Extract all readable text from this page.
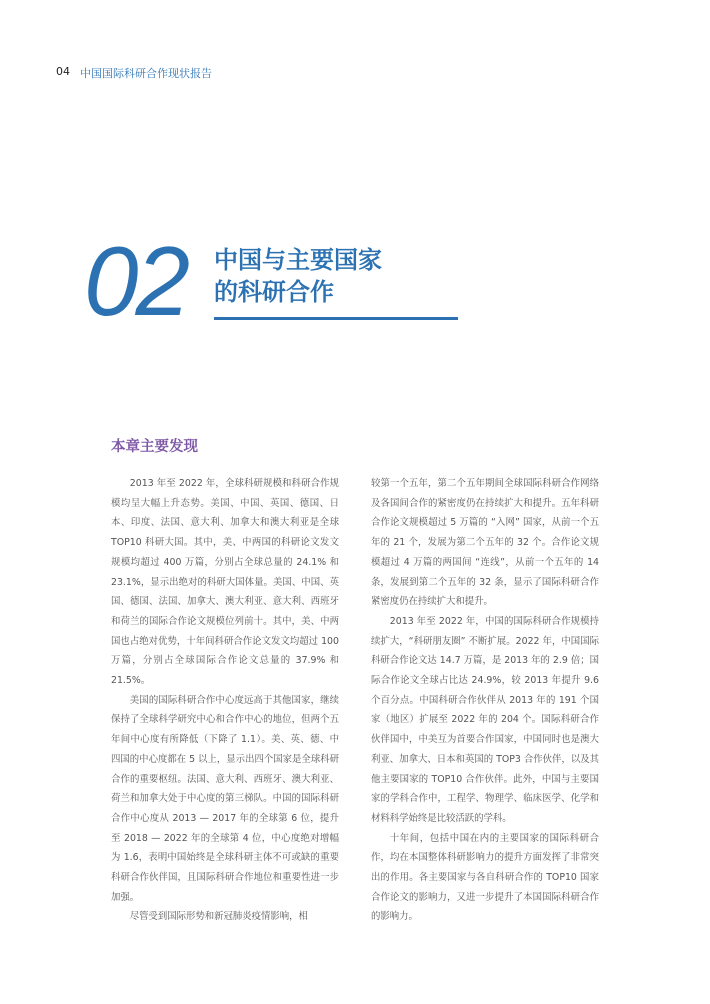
04 中国国际科研合作现状报告
02 中国与主要国家
的科研合作
本章主要发现

2013 年至 2022 年，全球科研规模和科研合作规模均呈大幅上升态势。美国、中国、英国、德国、日本、印度、法国、意大利、加拿大和澳大利亚是全球 TOP10 科研大国。其中，美、中两国的科研论文发文规模均超过 400 万篇，分别占全球总量的 24.1% 和 23.1%，显示出绝对的科研大国体量。美国、中国、英国、德国、法国、加拿大、澳大利亚、意大利、西班牙和荷兰的国际合作论文规模位列前十。其中，美、中两国也占绝对优势，十年间科研合作论文发文均超过 100 万篇，分别占全球国际合作论文总量的 37.9% 和 21.5%。

美国的国际科研合作中心度远高于其他国家，继续保持了全球科学研究中心和合作中心的地位，但两个五年间中心度有所降低（下降了 1.1）。美、英、德、中四国的中心度都在 5 以上，显示出四个国家是全球科研合作的重要枢纽。法国、意大利、西班牙、澳大利亚、荷兰和加拿大处于中心度的第三梯队。中国的国际科研合作中心度从 2013 — 2017 年的全球第 6 位，提升至 2018 — 2022 年的全球第 4 位，中心度绝对增幅为 1.6，表明中国始终是全球科研主体不可或缺的重要科研合作伙伴国，且国际科研合作地位和重要性进一步加强。

尽管受到国际形势和新冠肺炎疫情影响，相

较第一个五年，第二个五年期间全球国际科研合作网络及各国间合作的紧密度仍在持续扩大和提升。五年科研合作论文规模超过 5 万篇的 “入网” 国家，从前一个五年的 21 个，发展为第二个五年的 32 个。合作论文规模超过 4 万篇的两国间 “连线”，从前一个五年的 14 条，发展到第二个五年的 32 条，显示了国际科研合作紧密度仍在持续扩大和提升。

2013 年至 2022 年，中国的国际科研合作规模持续扩大，“科研朋友圈” 不断扩展。2022 年，中国国际科研合作论文达 14.7 万篇，是 2013 年的 2.9 倍；国际合作论文全球占比达 24.9%，较 2013 年提升 9.6 个百分点。中国科研合作伙伴从 2013 年的 191 个国家（地区）扩展至 2022 年的 204 个。国际科研合作伙伴国中，中美互为首要合作国家，中国同时也是澳大利亚、加拿大、日本和英国的 TOP3 合作伙伴，以及其他主要国家的 TOP10 合作伙伴。此外，中国与主要国家的学科合作中，工程学、物理学、临床医学、化学和材料科学始终是比较活跃的学科。

十年间，包括中国在内的主要国家的国际科研合作，均在本国整体科研影响力的提升方面发挥了非常突出的作用。各主要国家与各自科研合作的 TOP10 国家合作论文的影响力，又进一步提升了本国国际科研合作的影响力。
